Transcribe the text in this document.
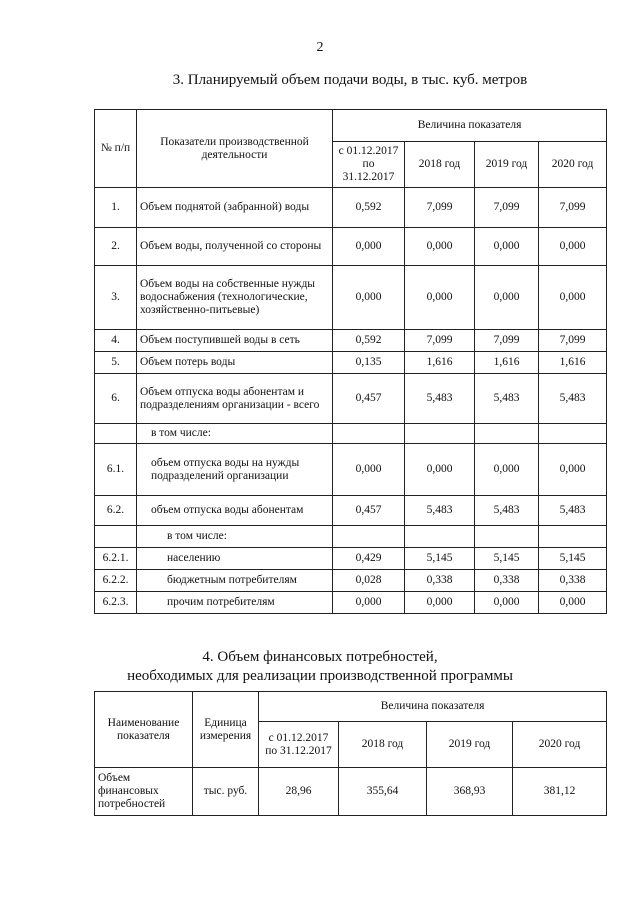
2
3. Планируемый объем подачи воды, в тыс. куб. метров
№ п/п	Показатели производственной деятельности	Величина показателя			
		с 01.12.2017 по 31.12.2017	2018 год	2019 год	2020 год
1.	Объем поднятой (забранной) воды	0,592	7,099	7,099	7,099
2.	Объем воды, полученной со стороны	0,000	0,000	0,000	0,000
3.	Объем воды на собственные нужды водоснабжения (технологические, хозяйственно-питьевые)	0,000	0,000	0,000	0,000
4.	Объем поступившей воды в сеть	0,592	7,099	7,099	7,099
5.	Объем потерь воды	0,135	1,616	1,616	1,616
6.	Объем отпуска воды абонентам и подразделениям организации - всего	0,457	5,483	5,483	5,483
	в том числе:				
6.1.	объем отпуска воды на нужды подразделений организации	0,000	0,000	0,000	0,000
6.2.	объем отпуска воды абонентам	0,457	5,483	5,483	5,483
	в том числе:				
6.2.1.	населению	0,429	5,145	5,145	5,145
6.2.2.	бюджетным потребителям	0,028	0,338	0,338	0,338
6.2.3.	прочим потребителям	0,000	0,000	0,000	0,000
4. Объем финансовых потребностей,
необходимых для реализации производственной программы
Наименование показателя	Единица измерения	Величина показателя			
		с 01.12.2017 по 31.12.2017	2018 год	2019 год	2020 год
Объем финансовых потребностей	тыс. руб.	28,96	355,64	368,93	381,12
